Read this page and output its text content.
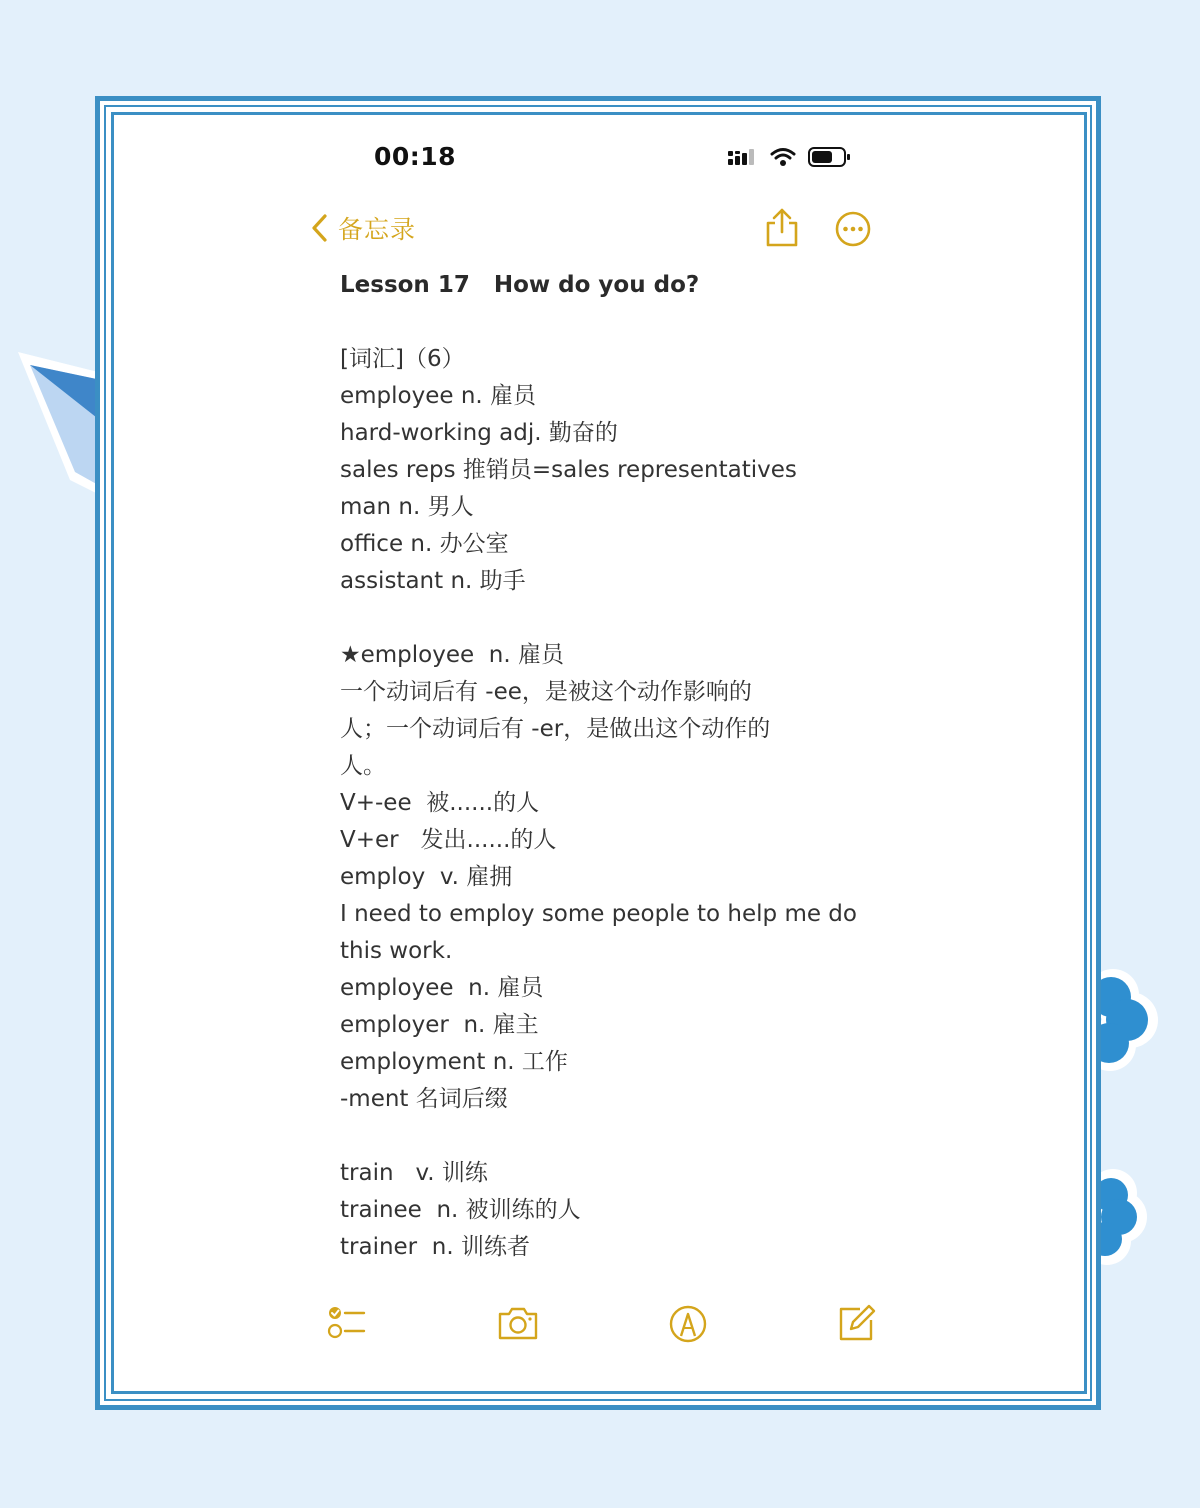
00:18
备忘录
Lesson 17   How do you do?
[词汇]（6）
employee n. 雇员
hard-working adj. 勤奋的
sales reps 推销员=sales representatives
man n. 男人
office n. 办公室
assistant n. 助手
★employee  n. 雇员
一个动词后有 -ee，是被这个动作影响的
人；一个动词后有 -er，是做出这个动作的
人。
V+-ee  被......的人
V+er   发出......的人
employ  v. 雇拥
I need to employ some people to help me do
this work.
employee  n. 雇员
employer  n. 雇主
employment n. 工作
-ment 名词后缀
train   v. 训练
trainee  n. 被训练的人
trainer  n. 训练者
